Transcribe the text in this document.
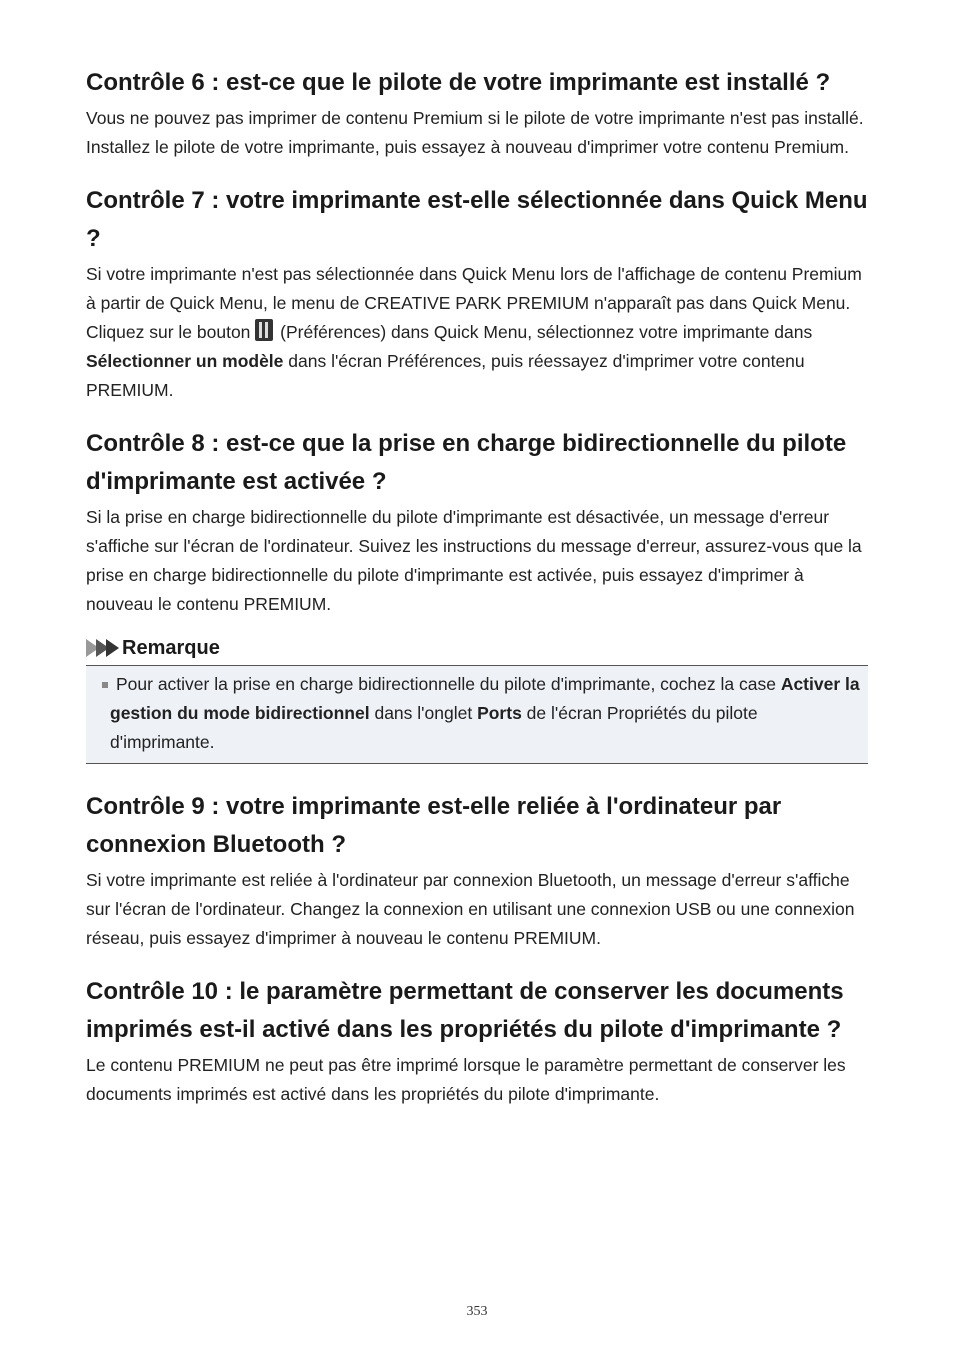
Contrôle 6 : est-ce que le pilote de votre imprimante est installé ?

Vous ne pouvez pas imprimer de contenu Premium si le pilote de votre imprimante n'est pas installé. Installez le pilote de votre imprimante, puis essayez à nouveau d'imprimer votre contenu Premium.

Contrôle 7 : votre imprimante est-elle sélectionnée dans Quick Menu ?

Si votre imprimante n'est pas sélectionnée dans Quick Menu lors de l'affichage de contenu Premium à partir de Quick Menu, le menu de CREATIVE PARK PREMIUM n'apparaît pas dans Quick Menu. Cliquez sur le bouton  (Préférences) dans Quick Menu, sélectionnez votre imprimante dans Sélectionner un modèle dans l'écran Préférences, puis réessayez d'imprimer votre contenu PREMIUM.

Contrôle 8 : est-ce que la prise en charge bidirectionnelle du pilote d'imprimante est activée ?

Si la prise en charge bidirectionnelle du pilote d'imprimante est désactivée, un message d'erreur s'affiche sur l'écran de l'ordinateur. Suivez les instructions du message d'erreur, assurez-vous que la prise en charge bidirectionnelle du pilote d'imprimante est activée, puis essayez d'imprimer à nouveau le contenu PREMIUM.

Remarque
Pour activer la prise en charge bidirectionnelle du pilote d'imprimante, cochez la case Activer la gestion du mode bidirectionnel dans l'onglet Ports de l'écran Propriétés du pilote d'imprimante.
Contrôle 9 : votre imprimante est-elle reliée à l'ordinateur par connexion Bluetooth ?

Si votre imprimante est reliée à l'ordinateur par connexion Bluetooth, un message d'erreur s'affiche sur l'écran de l'ordinateur. Changez la connexion en utilisant une connexion USB ou une connexion réseau, puis essayez d'imprimer à nouveau le contenu PREMIUM.

Contrôle 10 : le paramètre permettant de conserver les documents imprimés est-il activé dans les propriétés du pilote d'imprimante ?

Le contenu PREMIUM ne peut pas être imprimé lorsque le paramètre permettant de conserver les documents imprimés est activé dans les propriétés du pilote d'imprimante.

353
